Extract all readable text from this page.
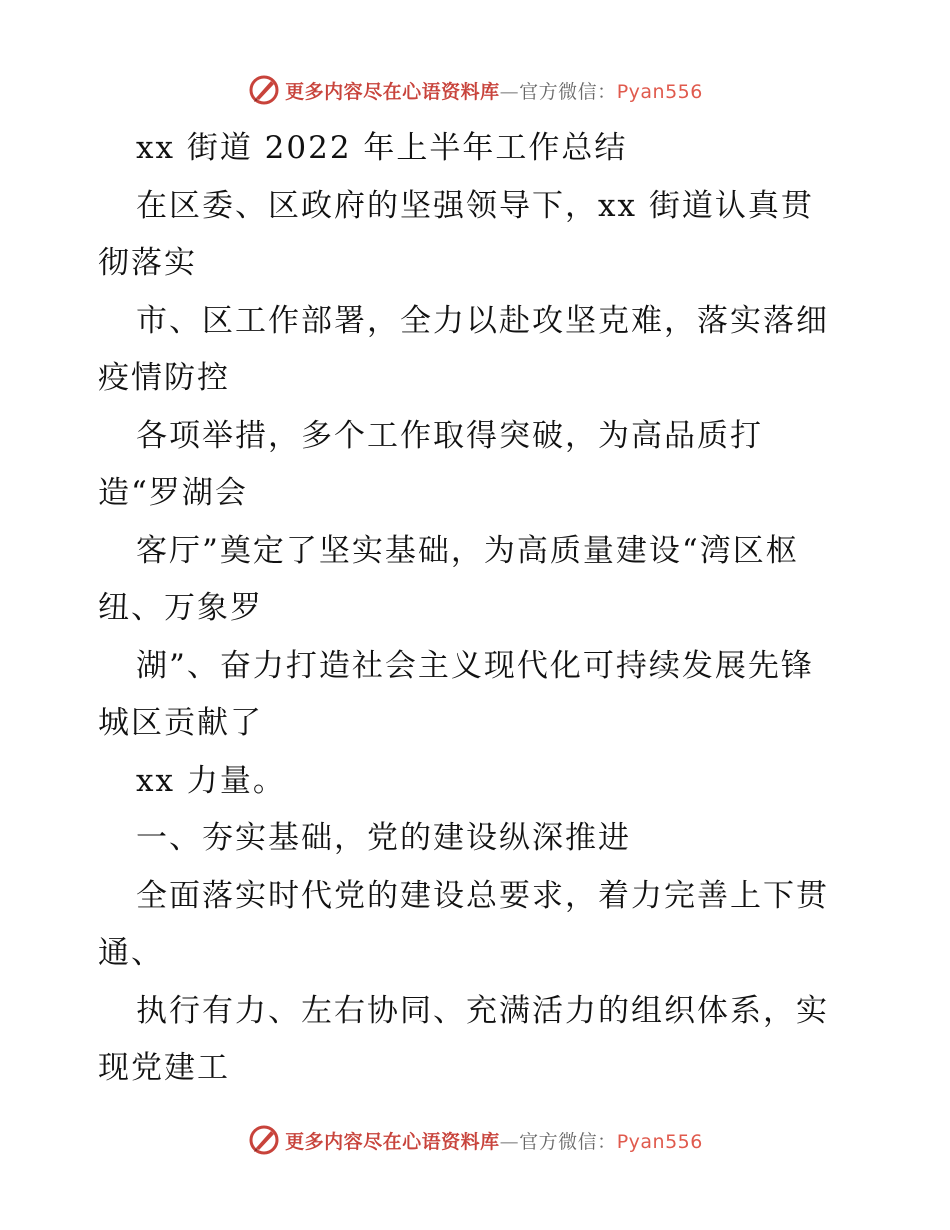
更多内容尽在心语资料库—官方微信：Pyan556
xx 街道 2022 年上半年工作总结
在区委、区政府的坚强领导下，xx 街道认真贯
彻落实
市、区工作部署，全力以赴攻坚克难，落实落细
疫情防控
各项举措，多个工作取得突破，为高品质打
造“罗湖会
客厅”奠定了坚实基础，为高质量建设“湾区枢
纽、万象罗
湖”、奋力打造社会主义现代化可持续发展先锋
城区贡献了
xx 力量。
一、夯实基础，党的建设纵深推进
全面落实时代党的建设总要求，着力完善上下贯
通、
执行有力、左右协同、充满活力的组织体系，实
现党建工
更多内容尽在心语资料库—官方微信：Pyan556
